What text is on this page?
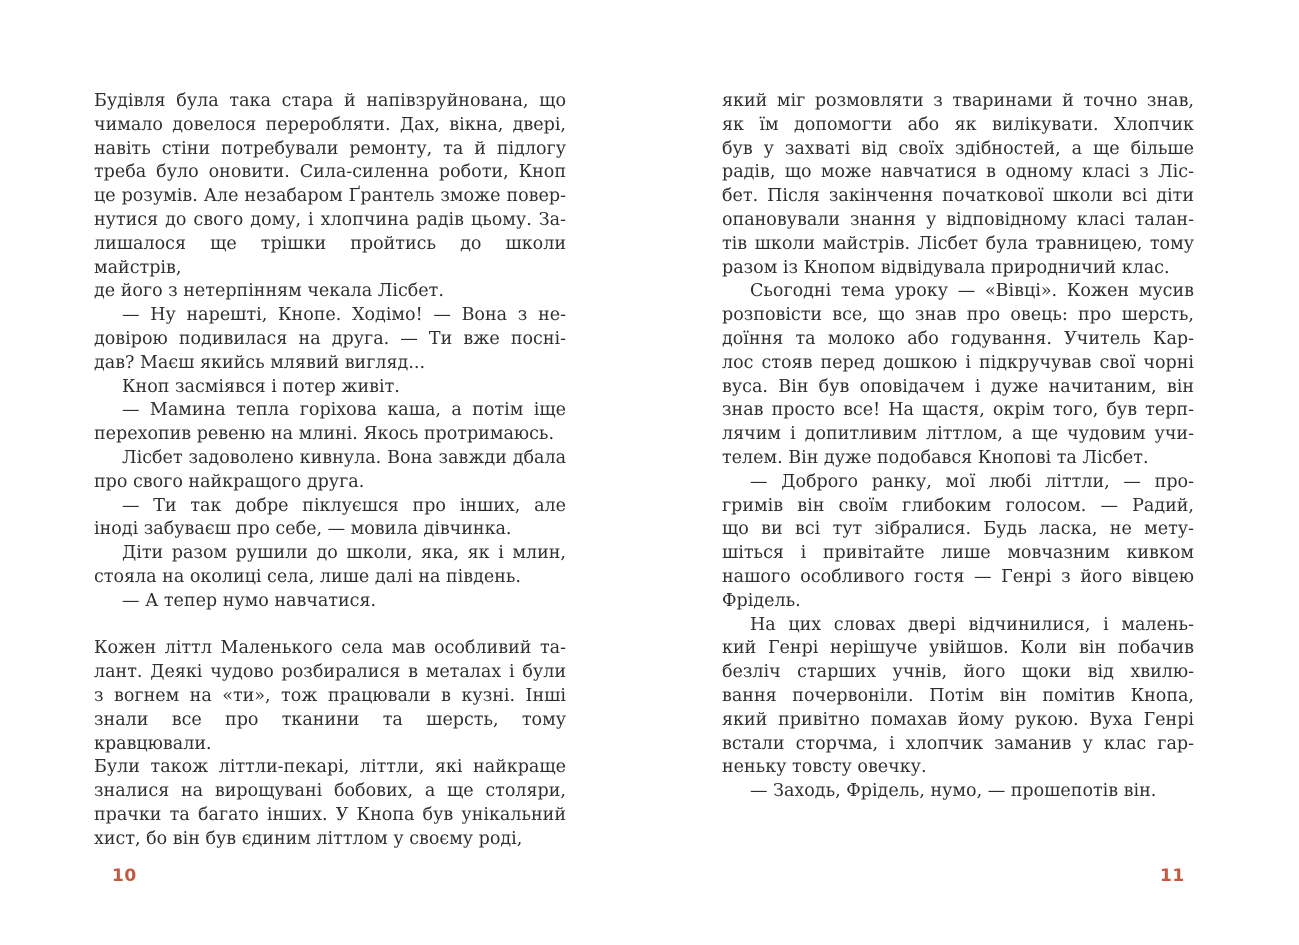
Будівля була така стара й напівзруйнована, що
чимало довелося переробляти. Дах, вікна, двері,
навіть стіни потребували ремонту, та й підлогу
треба було оновити. Сила-силенна роботи, Кноп
це розумів. Але незабаром Ґрантель зможе повер-
нутися до свого дому, і хлопчина радів цьому. За-
лишалося ще трішки пройтись до школи майстрів,
де його з нетерпінням чекала Лісбет.
— Ну нарешті, Кнопе. Ходімо! — Вона з не-
довірою подивилася на друга. — Ти вже посні-
дав? Маєш якийсь млявий вигляд...
Кноп засміявся і потер живіт.
— Мамина тепла горіхова каша, а потім іще
перехопив ревеню на млині. Якось протримаюсь.
Лісбет задоволено кивнула. Вона завжди дбала
про свого найкращого друга.
— Ти так добре піклуєшся про інших, але
іноді забуваєш про себе, — мовила дівчинка.
Діти разом рушили до школи, яка, як і млин,
стояла на околиці села, лише далі на південь.
— А тепер нумо навчатися.
Кожен літтл Маленького села мав особливий та-
лант. Деякі чудово розбиралися в металах і були
з вогнем на «ти», тож працювали в кузні. Інші
знали все про тканини та шерсть, тому кравцювали.
Були також літтли-пекарі, літтли, які найкраще
зналися на вирощувані бобових, а ще столяри,
прачки та багато інших. У Кнопа був унікальний
хист, бо він був єдиним літтлом у своєму роді,
який міг розмовляти з тваринами й точно знав,
як їм допомогти або як вилікувати. Хлопчик
був у захваті від своїх здібностей, а ще більше
радів, що може навчатися в одному класі з Ліс-
бет. Після закінчення початкової школи всі діти
опановували знання у відповідному класі талан-
тів школи майстрів. Лісбет була травницею, тому
разом із Кнопом відвідувала природничий клас.
Сьогодні тема уроку — «Вівці». Кожен мусив
розповісти все, що знав про овець: про шерсть,
доїння та молоко або годування. Учитель Кар-
лос стояв перед дошкою і підкручував свої чорні
вуса. Він був оповідачем і дуже начитаним, він
знав просто все! На щастя, окрім того, був терп-
лячим і допитливим літтлом, а ще чудовим учи-
телем. Він дуже подобався Кнопові та Лісбет.
— Доброго ранку, мої любі літтли, — про-
гримів він своїм глибоким голосом. — Радий,
що ви всі тут зібралися. Будь ласка, не мету-
шіться і привітайте лише мовчазним кивком
нашого особливого гостя — Генрі з його вівцею
Фрідель.
На цих словах двері відчинилися, і малень-
кий Генрі нерішуче увійшов. Коли він побачив
безліч старших учнів, його щоки від хвилю-
вання почервоніли. Потім він помітив Кнопа,
який привітно помахав йому рукою. Вуха Генрі
встали сторчма, і хлопчик заманив у клас гар-
неньку товсту овечку.
— Заходь, Фрідель, нумо, — прошепотів він.
10	11
